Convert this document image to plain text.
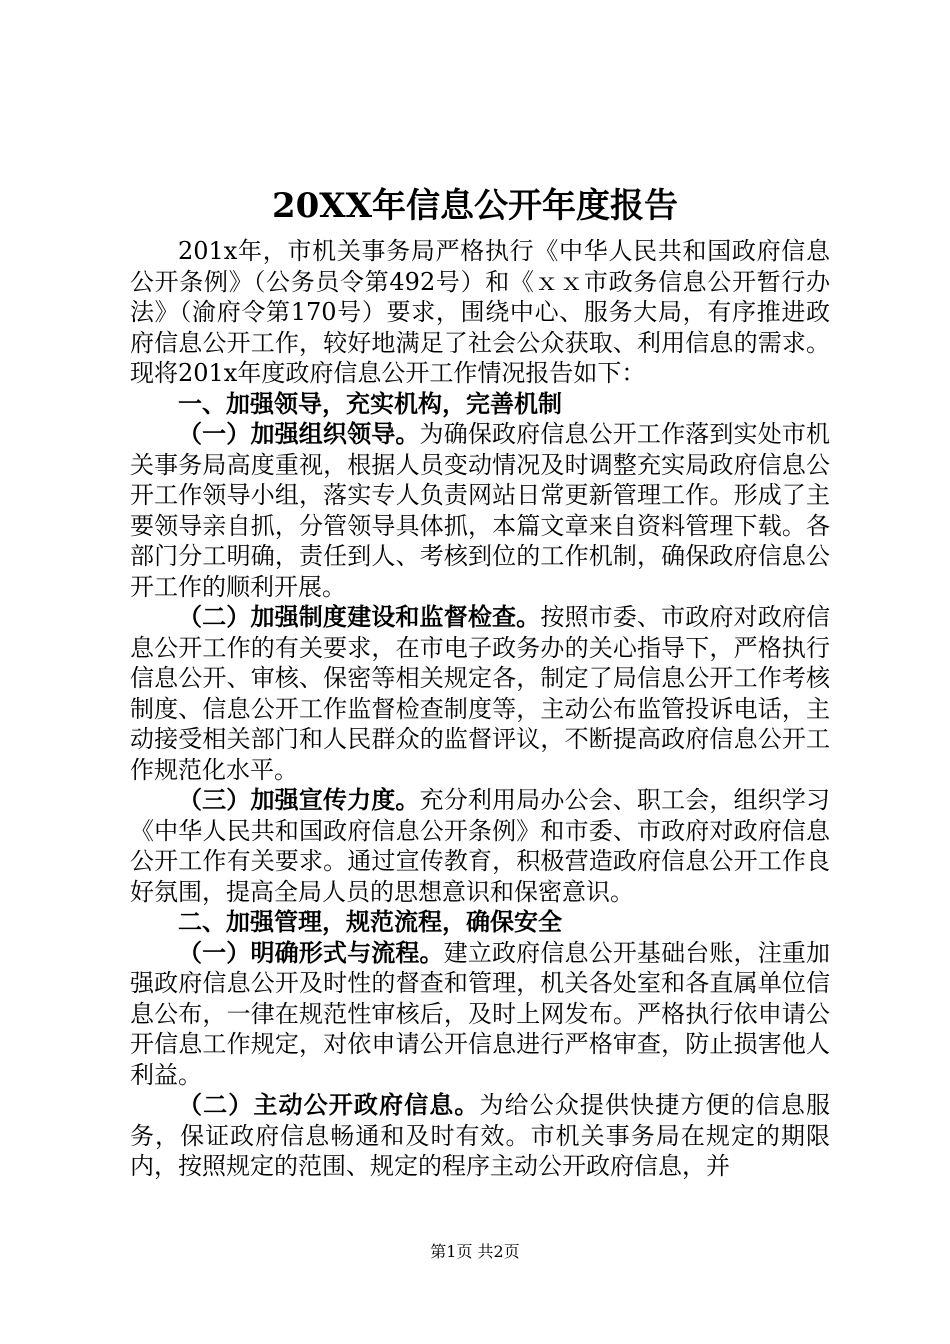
20XX年信息公开年度报告

201x年，市机关事务局严格执行《中华人民共和国政府信息公开条例》（公务员令第492号）和《ｘｘ市政务信息公开暂行办法》（渝府令第170号）要求，围绕中心、服务大局，有序推进政府信息公开工作，较好地满足了社会公众获取、利用信息的需求。现将201x年度政府信息公开工作情况报告如下：

一、加强领导，充实机构，完善机制

（一）加强组织领导。为确保政府信息公开工作落到实处市机关事务局高度重视，根据人员变动情况及时调整充实局政府信息公开工作领导小组，落实专人负责网站日常更新管理工作。形成了主要领导亲自抓，分管领导具体抓，本篇文章来自资料管理下载。各部门分工明确，责任到人、考核到位的工作机制，确保政府信息公开工作的顺利开展。

（二）加强制度建设和监督检查。按照市委、市政府对政府信息公开工作的有关要求，在市电子政务办的关心指导下，严格执行信息公开、审核、保密等相关规定各，制定了局信息公开工作考核制度、信息公开工作监督检查制度等，主动公布监管投诉电话，主动接受相关部门和人民群众的监督评议，不断提高政府信息公开工作规范化水平。

（三）加强宣传力度。充分利用局办公会、职工会，组织学习《中华人民共和国政府信息公开条例》和市委、市政府对政府信息公开工作有关要求。通过宣传教育，积极营造政府信息公开工作良好氛围，提高全局人员的思想意识和保密意识。

二、加强管理，规范流程，确保安全

（一）明确形式与流程。建立政府信息公开基础台账，注重加强政府信息公开及时性的督查和管理，机关各处室和各直属单位信息公布，一律在规范性审核后，及时上网发布。严格执行依申请公开信息工作规定，对依申请公开信息进行严格审查，防止损害他人利益。

（二）主动公开政府信息。为给公众提供快捷方便的信息服务，保证政府信息畅通和及时有效。市机关事务局在规定的期限内，按照规定的范围、规定的程序主动公开政府信息，并

第1页 共2页
